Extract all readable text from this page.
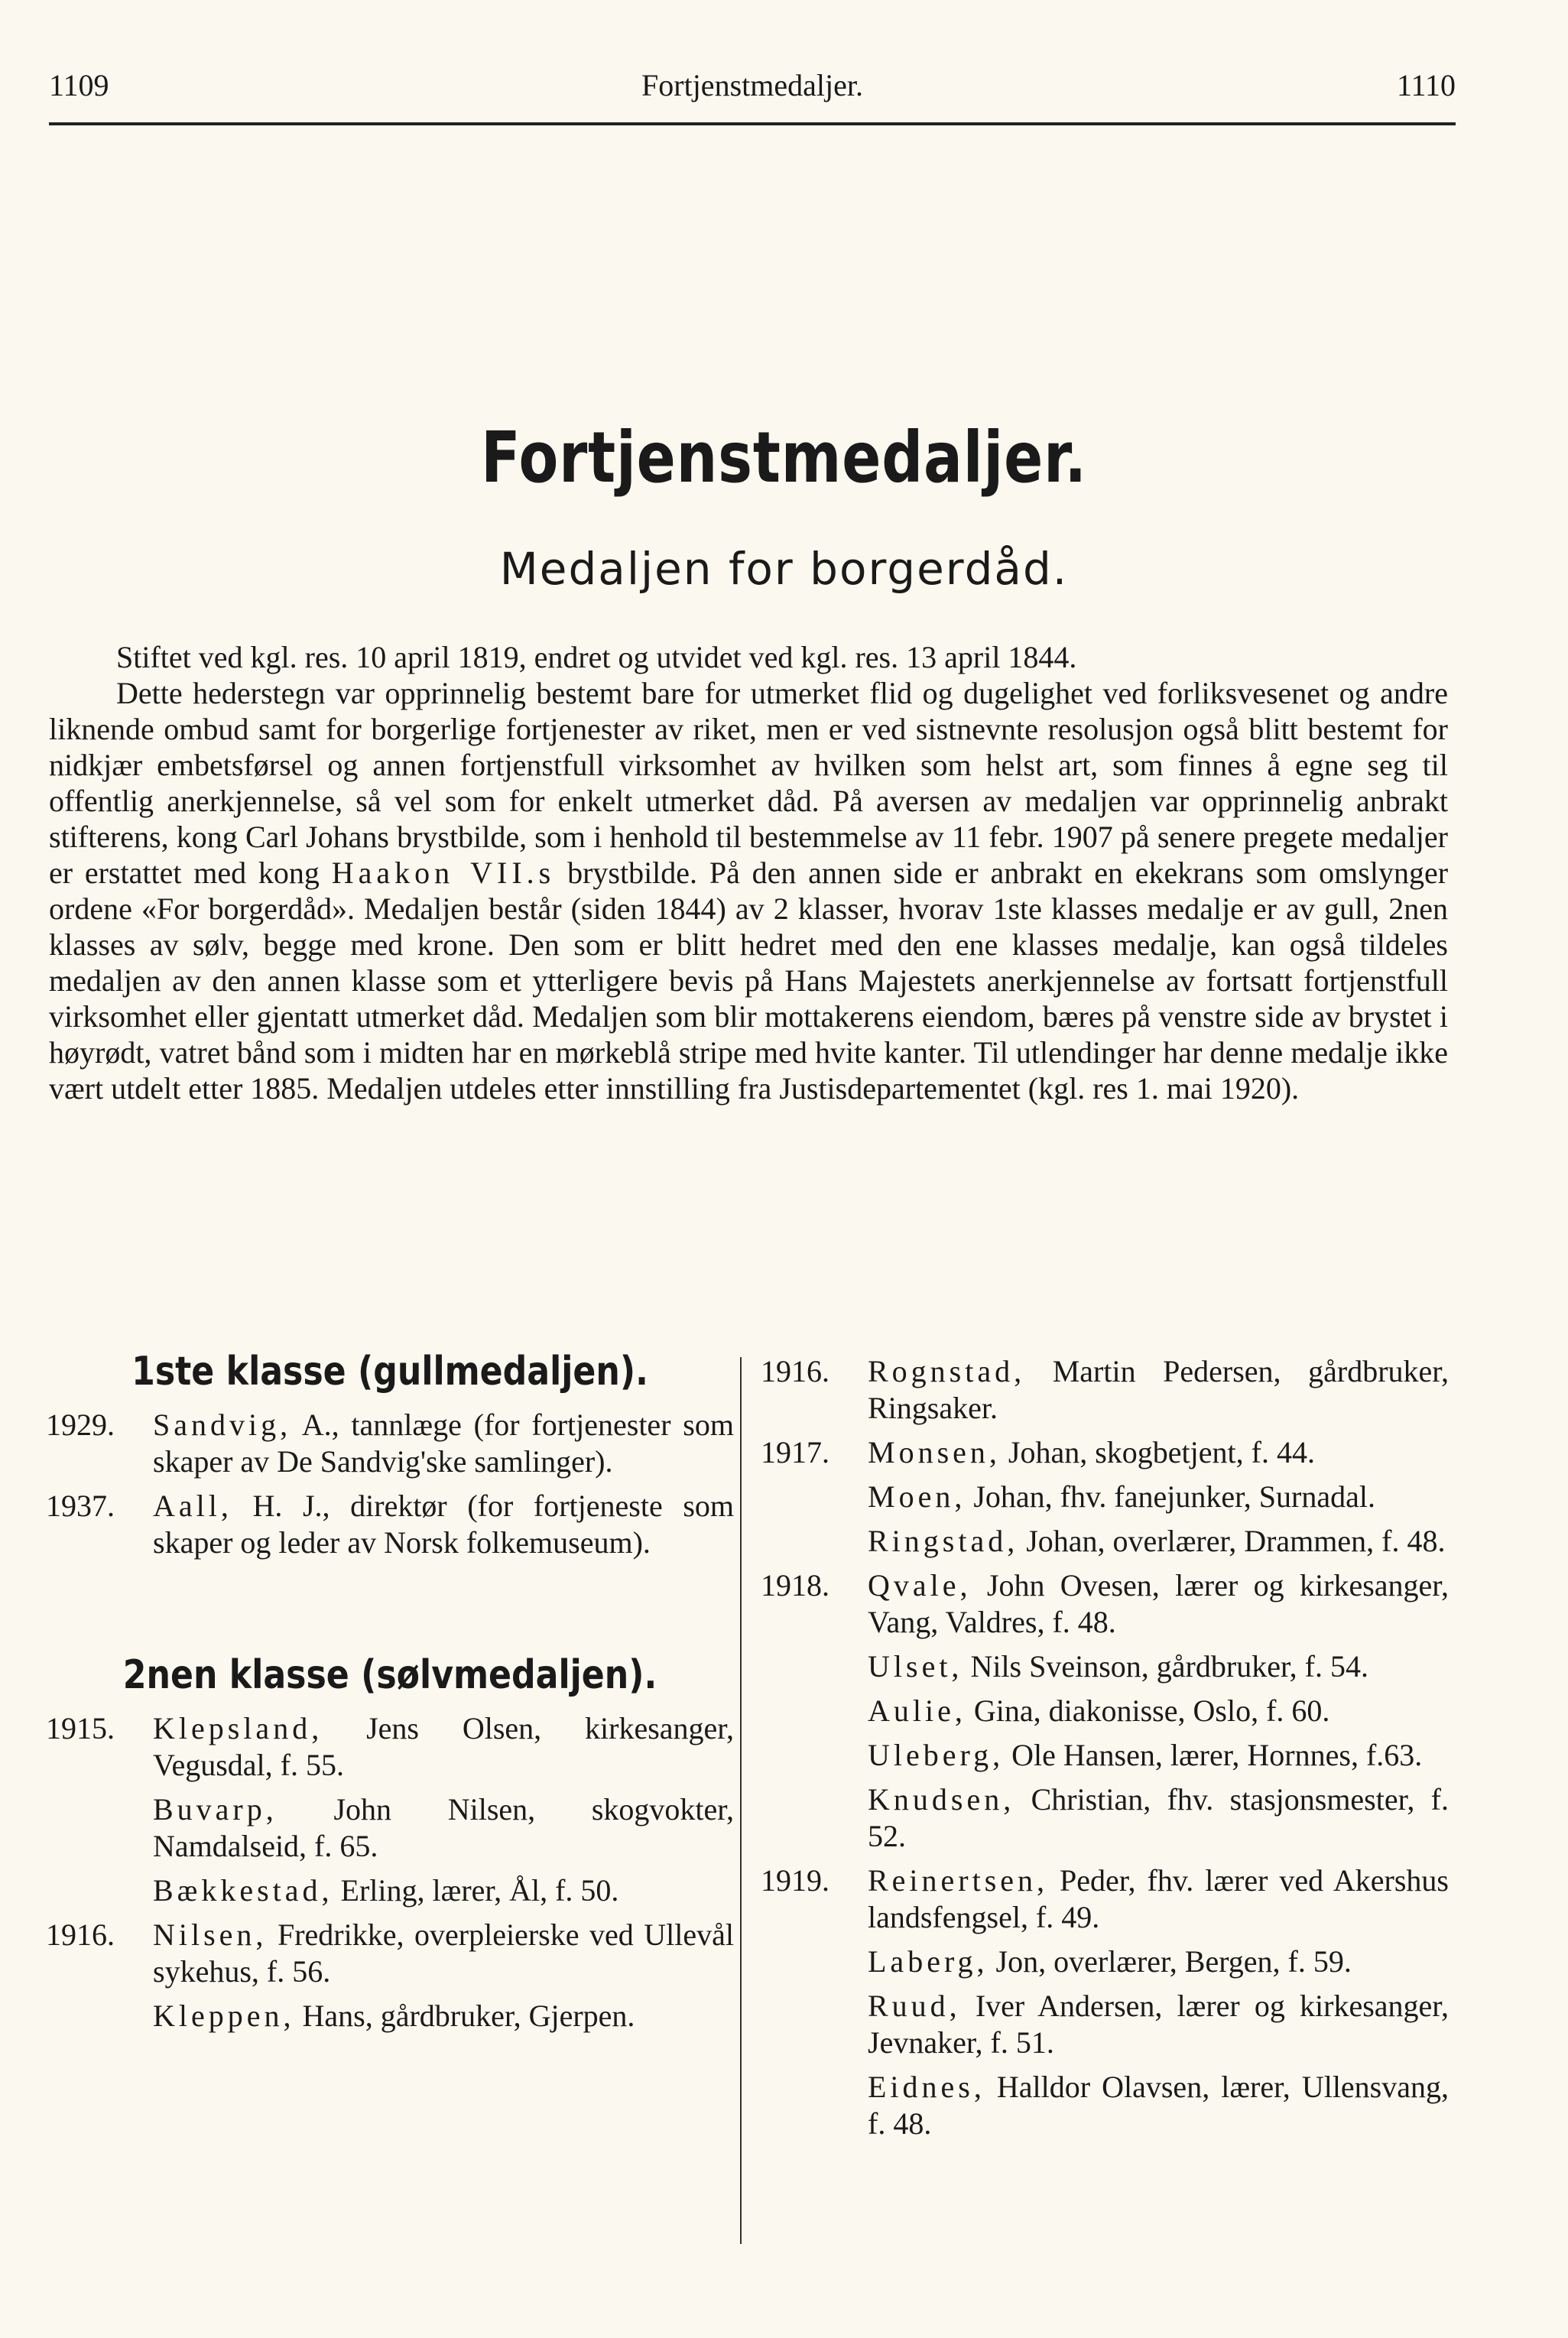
1109	Fortjenstmedaljer.	1110
Fortjenstmedaljer.
Medaljen for borgerdåd.

Stiftet ved kgl. res. 10 april 1819, endret og utvidet ved kgl. res. 13 april 1844.

Dette hederstegn var opprinnelig bestemt bare for utmerket flid og dugelighet ved forliksvesenet og andre liknende ombud samt for borgerlige fortjenester av riket, men er ved sistnevnte resolusjon også blitt bestemt for nidkjær embetsførsel og annen fortjenstfull virksomhet av hvilken som helst art, som finnes å egne seg til offentlig anerkjennelse, så vel som for enkelt utmerket dåd. På aversen av medaljen var opprinnelig anbrakt stifterens, kong Carl Johans brystbilde, som i henhold til bestemmelse av 11 febr. 1907 på senere pregete medaljer er erstattet med kong Haakon VII.s brystbilde. På den annen side er anbrakt en ekekrans som omslynger ordene «For borgerdåd». Medaljen består (siden 1844) av 2 klasser, hvorav 1ste klasses medalje er av gull, 2nen klasses av sølv, begge med krone. Den som er blitt hedret med den ene klasses medalje, kan også tildeles medaljen av den annen klasse som et ytterligere bevis på Hans Majestets anerkjennelse av fortsatt fortjenstfull virksomhet eller gjentatt utmerket dåd. Medaljen som blir mottakerens eiendom, bæres på venstre side av brystet i høyrødt, vatret bånd som i midten har en mørkeblå stripe med hvite kanter. Til utlendinger har denne medalje ikke vært utdelt etter 1885. Medaljen utdeles etter innstilling fra Justisdepartementet (kgl. res 1. mai 1920).

1ste klasse (gullmedaljen).
1929.	Sandvig, A., tannlæge (for fortjenester som skaper av De Sandvig'ske samlinger).
1937.	Aall, H. J., direktør (for fortjeneste som skaper og leder av Norsk folkemuseum).
2nen klasse (sølvmedaljen).
1915.	Klepsland, Jens Olsen, kirkesanger, Vegusdal, f. 55.
Buvarp, John Nilsen, skogvokter, Namdalseid, f. 65.
Bækkestad, Erling, lærer, Ål, f. 50.
1916.	Nilsen, Fredrikke, overpleierske ved Ullevål sykehus, f. 56.
Kleppen, Hans, gårdbruker, Gjerpen.
1916.	Rognstad, Martin Pedersen, gårdbruker, Ringsaker.
1917.	Monsen, Johan, skogbetjent, f. 44.
Moen, Johan, fhv. fanejunker, Surnadal.
Ringstad, Johan, overlærer, Drammen, f. 48.
1918.	Qvale, John Ovesen, lærer og kirkesanger, Vang, Valdres, f. 48.
Ulset, Nils Sveinson, gårdbruker, f. 54.
Aulie, Gina, diakonisse, Oslo, f. 60.
Uleberg, Ole Hansen, lærer, Hornnes, f.63.
Knudsen, Christian, fhv. stasjonsmester, f. 52.
1919.	Reinertsen, Peder, fhv. lærer ved Akershus landsfengsel, f. 49.
Laberg, Jon, overlærer, Bergen, f. 59.
Ruud, Iver Andersen, lærer og kirkesanger, Jevnaker, f. 51.
Eidnes, Halldor Olavsen, lærer, Ullensvang, f. 48.
